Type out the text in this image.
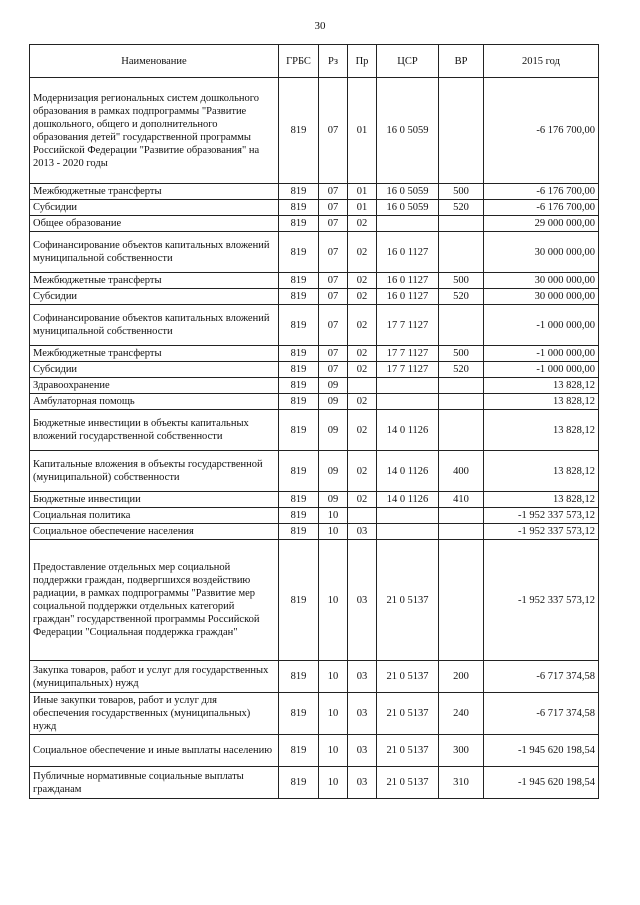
30
Наименование	ГРБС	Рз	Пр	ЦСР	ВР	2015 год
Модернизация региональных систем дошкольного образования в рамках подпрограммы "Развитие дошкольного, общего и дополнительного образования детей" государственной программы Российской Федерации "Развитие образования" на 2013 - 2020 годы	819	07	01	16 0 5059		-6 176 700,00
Межбюджетные трансферты	819	07	01	16 0 5059	500	-6 176 700,00
Субсидии	819	07	01	16 0 5059	520	-6 176 700,00
Общее образование	819	07	02			29 000 000,00
Софинансирование объектов капитальных вложений муниципальной собственности	819	07	02	16 0 1127		30 000 000,00
Межбюджетные трансферты	819	07	02	16 0 1127	500	30 000 000,00
Субсидии	819	07	02	16 0 1127	520	30 000 000,00
Софинансирование объектов капитальных вложений муниципальной собственности	819	07	02	17 7 1127		-1 000 000,00
Межбюджетные трансферты	819	07	02	17 7 1127	500	-1 000 000,00
Субсидии	819	07	02	17 7 1127	520	-1 000 000,00
Здравоохранение	819	09				13 828,12
Амбулаторная помощь	819	09	02			13 828,12
Бюджетные инвестиции в объекты капитальных вложений государственной собственности	819	09	02	14 0 1126		13 828,12
Капитальные вложения в объекты государственной (муниципальной) собственности	819	09	02	14 0 1126	400	13 828,12
Бюджетные инвестиции	819	09	02	14 0 1126	410	13 828,12
Социальная политика	819	10				-1 952 337 573,12
Социальное обеспечение населения	819	10	03			-1 952 337 573,12
Предоставление отдельных мер социальной поддержки граждан, подвергшихся воздействию радиации, в рамках подпрограммы "Развитие мер социальной поддержки отдельных категорий граждан" государственной программы Российской Федерации "Социальная поддержка граждан"	819	10	03	21 0 5137		-1 952 337 573,12
Закупка товаров, работ и услуг для государственных (муниципальных) нужд	819	10	03	21 0 5137	200	-6 717 374,58
Иные закупки товаров, работ и услуг для обеспечения государственных (муниципальных) нужд	819	10	03	21 0 5137	240	-6 717 374,58
Социальное обеспечение и иные выплаты населению	819	10	03	21 0 5137	300	-1 945 620 198,54
Публичные нормативные социальные выплаты гражданам	819	10	03	21 0 5137	310	-1 945 620 198,54
